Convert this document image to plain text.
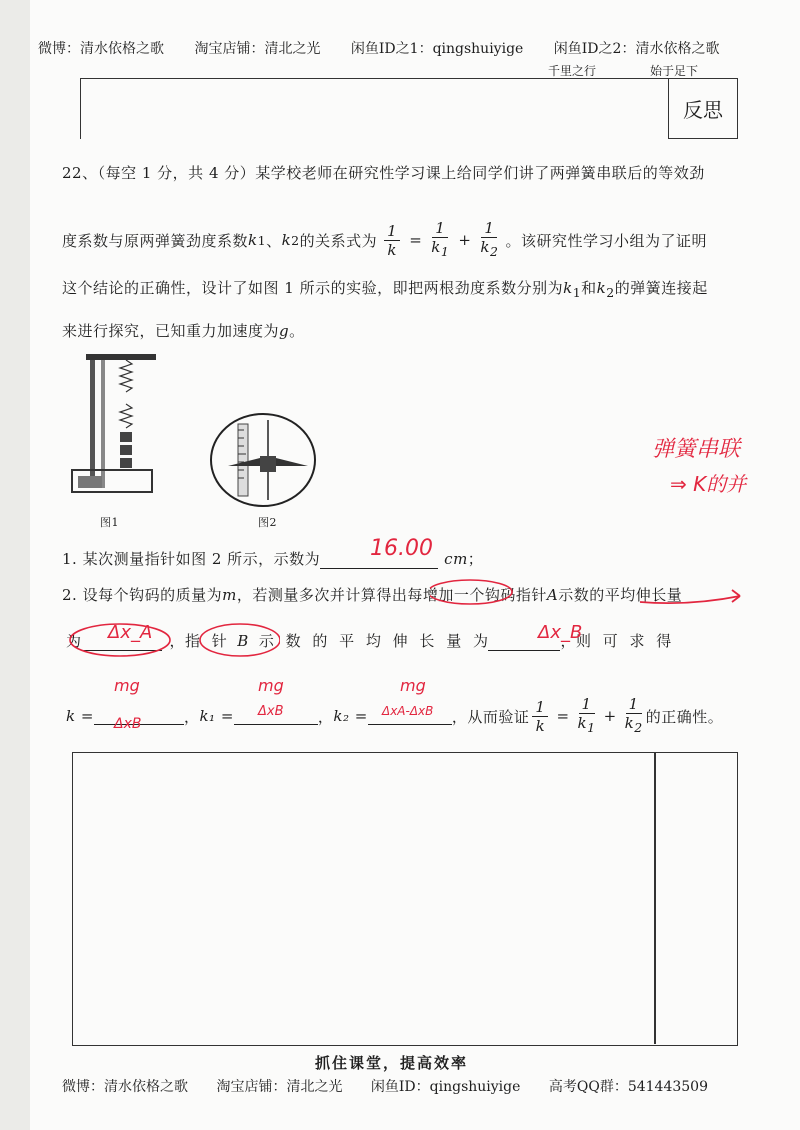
微博：清水依格之歌 淘宝店铺：清北之光 闲鱼ID之1：qingshuiyige 闲鱼ID之2：清水依格之歌
千里之行	始于足下
反思
22、（每空 1 分，共 4 分）某学校老师在研究性学习课上给同学们讲了两弹簧串联后的等效劲
度系数与原两弹簧劲度系数 k 1 、 k 2 的关系式为 $\frac{1}{k} = \frac{1}{k_1} + \frac{1}{k_2}$ 。该研究性学习小组为了证明
这个结论的正确性，设计了如图 1 所示的实验，即把两根劲度系数分别为$k_1$和$k_2$的弹簧连接起
来进行探究，已知重力加速度为g。
图1	图2
弹簧串联
⇒ K的并
1. 某次测量指针如图 2 所示，示数为	cm；
16.00
2. 设每个钩码的质量为m，若测量多次并计算得出每增加一个钩码指针A示数的平均伸长量
为	，指 针 B 示 数 的 平 均 伸 长 量 为	，则 可 求 得
Δx_A	Δx_B
k =	， k₁ =	， k₂ =	，从而验证 $\frac{1}{k} = \frac{1}{k_1} + \frac{1}{k_2}$ 的正确性。
mg
ΔxB
mg
ΔxB
mg
ΔxA-ΔxB
抓住课堂，提高效率
微博：清水依格之歌 淘宝店铺：清北之光 闲鱼ID：qingshuiyige 高考QQ群：541443509
